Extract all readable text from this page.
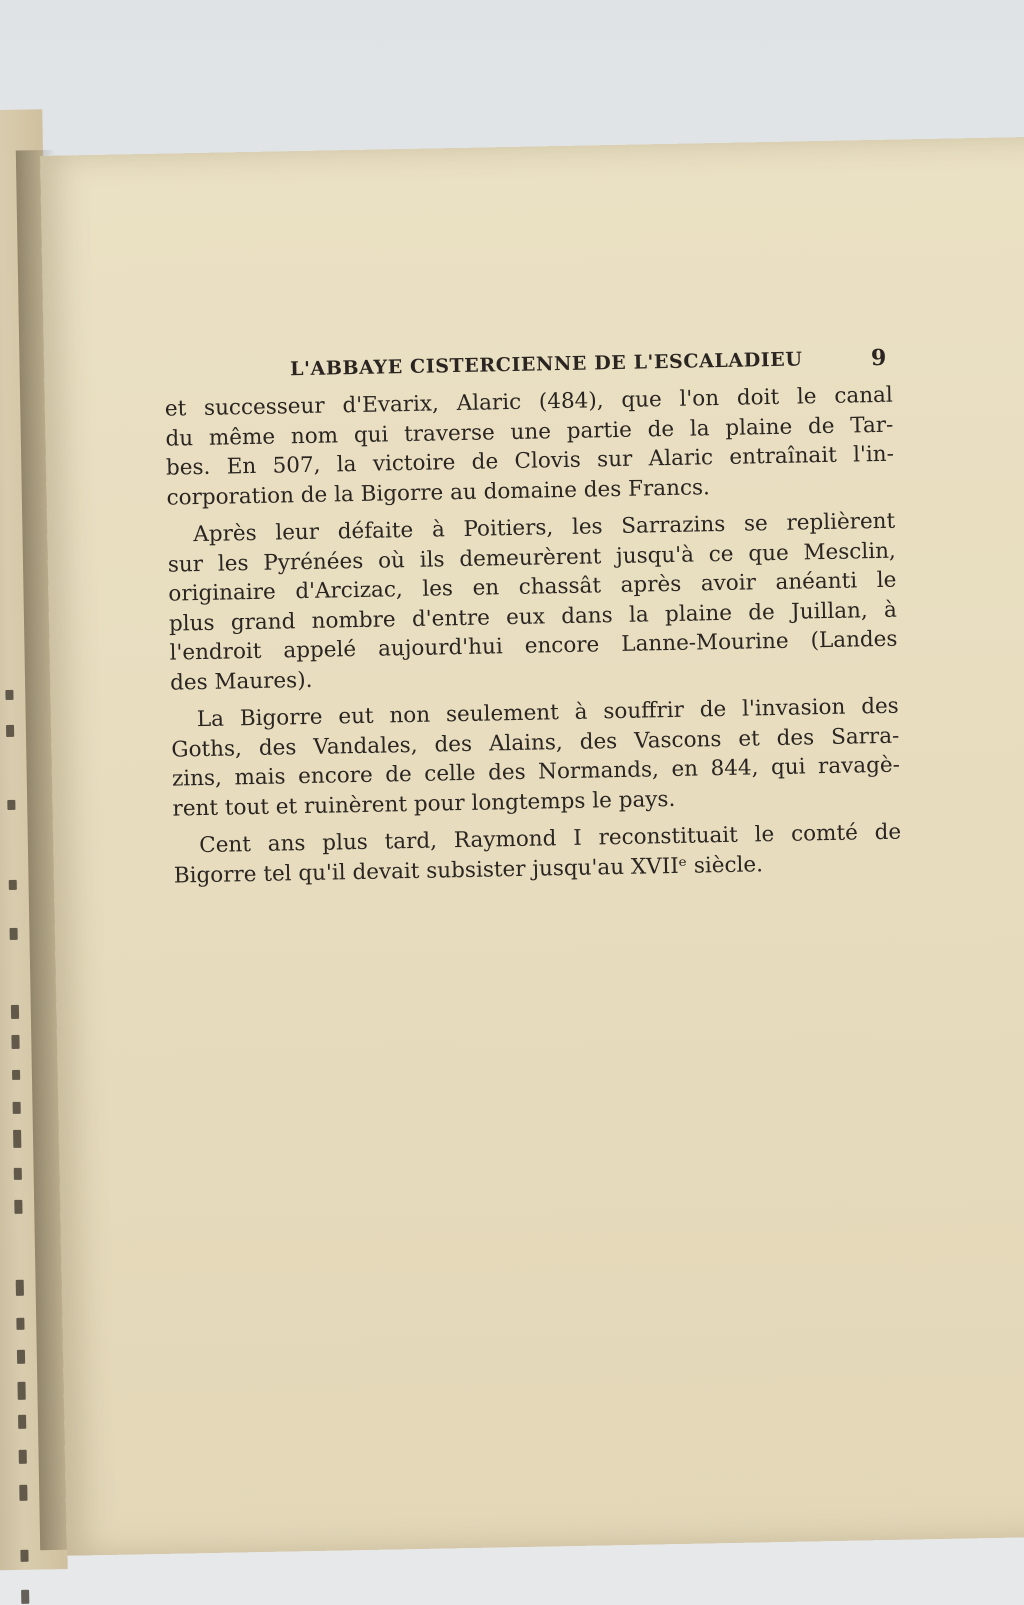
L'ABBAYE CISTERCIENNE DE L'ESCALADIEU	9
et successeur d'Evarix, Alaric (484), que l'on doit le canal
du même nom qui traverse une partie de la plaine de Tar-
bes. En 507, la victoire de Clovis sur Alaric entraînait l'in-
corporation de la Bigorre au domaine des Francs.
Après leur défaite à Poitiers, les Sarrazins se replièrent
sur les Pyrénées où ils demeurèrent jusqu'à ce que Mesclin,
originaire d'Arcizac, les en chassât après avoir anéanti le
plus grand nombre d'entre eux dans la plaine de Juillan, à
l'endroit appelé aujourd'hui encore Lanne-Mourine (Landes
des Maures).
La Bigorre eut non seulement à souffrir de l'invasion des
Goths, des Vandales, des Alains, des Vascons et des Sarra-
zins, mais encore de celle des Normands, en 844, qui ravagè-
rent tout et ruinèrent pour longtemps le pays.
Cent ans plus tard, Raymond I reconstituait le comté de
Bigorre tel qu'il devait subsister jusqu'au XVIIᵉ siècle.
